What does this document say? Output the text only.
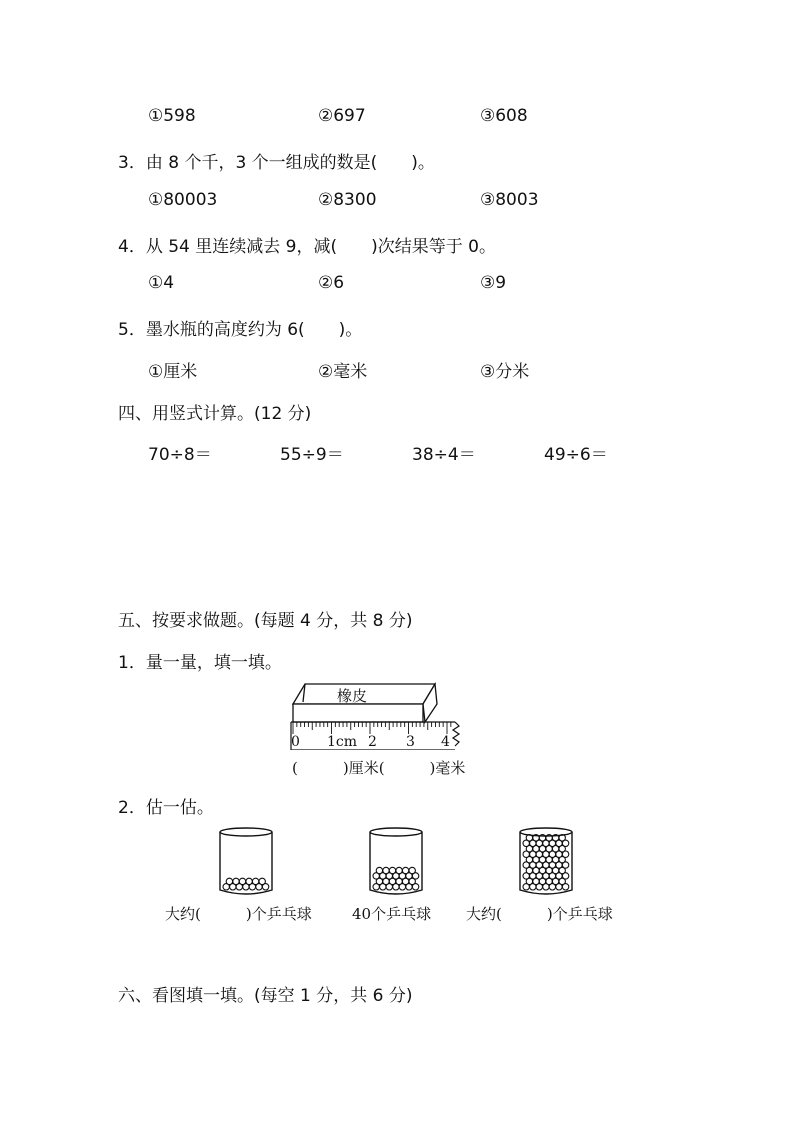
①598	②697	③608
3．由 8 个千，3 个一组成的数是(　　)。
①80003	②8300	③8003
4．从 54 里连续减去 9，减(　　)次结果等于 0。
①4	②6	③9
5．墨水瓶的高度约为 6(　　)。
①厘米	②毫米	③分米
四、用竖式计算。(12 分)
70÷8＝	55÷9＝	38÷4＝	49÷6＝
五、按要求做题。(每题 4 分，共 8 分)
1．量一量，填一填。
橡皮
0 1cm 2 3 4
(　　　)厘米(　　　)毫米
2．估一估。
大约(　　　)个乒乓球	40个乒乓球 大约(　　　)个乒乓球
六、看图填一填。(每空 1 分，共 6 分)
